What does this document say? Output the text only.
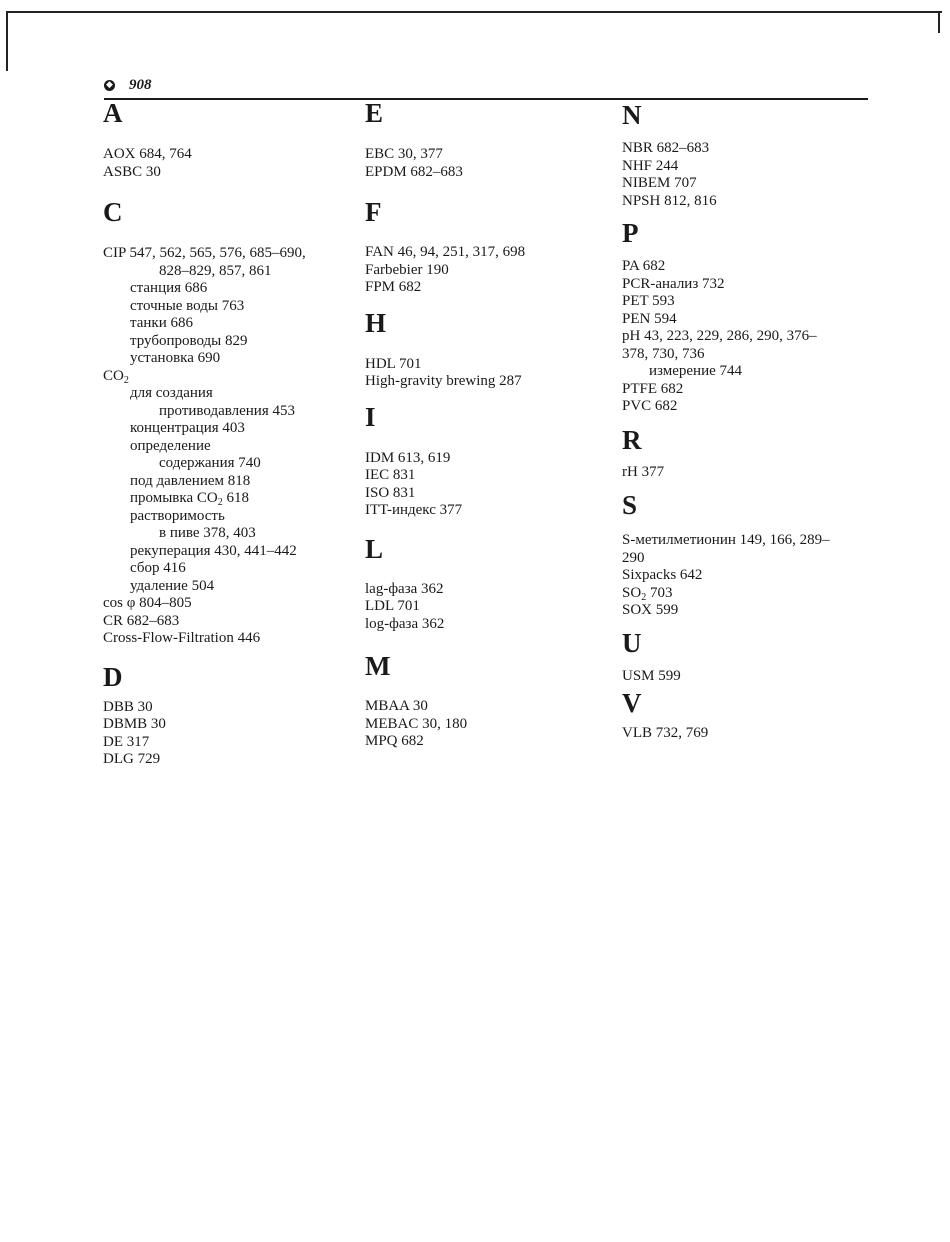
◆ 908
A
AOX 684, 764
ASBC 30
C
CIP 547, 562, 565, 576, 685–690,
828–829, 857, 861
станция 686
сточные воды 763
танки 686
трубопроводы 829
установка 690
$CO_2$
для создания
противодавления 453
концентрация 403
определение
содержания 740
под давлением 818
промывка $CO_2$ 618
растворимость
в пиве 378, 403
рекуперация 430, 441–442
сбор 416
удаление 504
cos φ 804–805
CR 682–683
Cross-Flow-Filtration 446
D
DBB 30
DBMB 30
DE 317
DLG 729
E
EBC 30, 377
EPDM 682–683
F
FAN 46, 94, 251, 317, 698
Farbebier 190
FPM 682
H
HDL 701
High-gravity brewing 287
I
IDM 613, 619
IEC 831
ISO 831
ITT-индекс 377
L
lag-фаза 362
LDL 701
log-фаза 362
M
MBAA 30
MEBAC 30, 180
MPQ 682
N
NBR 682–683
NHF 244
NIBEM 707
NPSH 812, 816
P
PA 682
PCR-анализ 732
PET 593
PEN 594
pH 43, 223, 229, 286, 290, 376–
378, 730, 736
измерение 744
PTFE 682
PVC 682
R
rH 377
S
S-метилметионин 149, 166, 289–
290
Sixpacks 642
$SO_2$ 703
SOX 599
U
USM 599
V
VLB 732, 769
